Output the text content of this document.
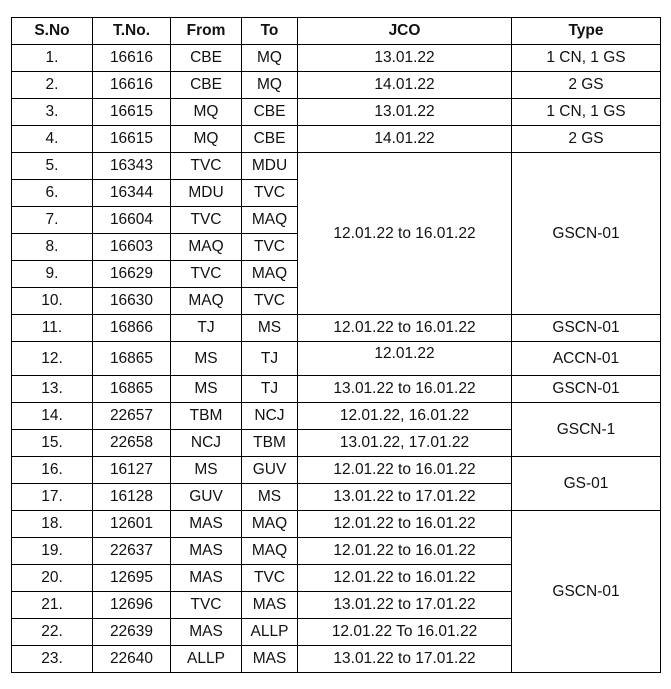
S.No	T.No.	From	To	JCO	Type
1.	16616	CBE	MQ	13.01.22	1 CN, 1 GS
2.	16616	CBE	MQ	14.01.22	2 GS
3.	16615	MQ	CBE	13.01.22	1 CN, 1 GS
4.	16615	MQ	CBE	14.01.22	2 GS
5.	16343	TVC	MDU	12.01.22 to 16.01.22	GSCN-01
6.	16344	MDU	TVC		
7.	16604	TVC	MAQ		
8.	16603	MAQ	TVC		
9.	16629	TVC	MAQ		
10.	16630	MAQ	TVC		
11.	16866	TJ	MS	12.01.22 to 16.01.22	GSCN-01
12.	16865	MS	TJ	12.01.22	ACCN-01
13.	16865	MS	TJ	13.01.22 to 16.01.22	GSCN-01
14.	22657	TBM	NCJ	12.01.22, 16.01.22	GSCN-1
15.	22658	NCJ	TBM	13.01.22, 17.01.22	
16.	16127	MS	GUV	12.01.22 to 16.01.22	GS-01
17.	16128	GUV	MS	13.01.22 to 17.01.22	
18.	12601	MAS	MAQ	12.01.22 to 16.01.22	GSCN-01
19.	22637	MAS	MAQ	12.01.22 to 16.01.22	
20.	12695	MAS	TVC	12.01.22 to 16.01.22	
21.	12696	TVC	MAS	13.01.22 to 17.01.22	
22.	22639	MAS	ALLP	12.01.22 To 16.01.22	
23.	22640	ALLP	MAS	13.01.22 to 17.01.22	
